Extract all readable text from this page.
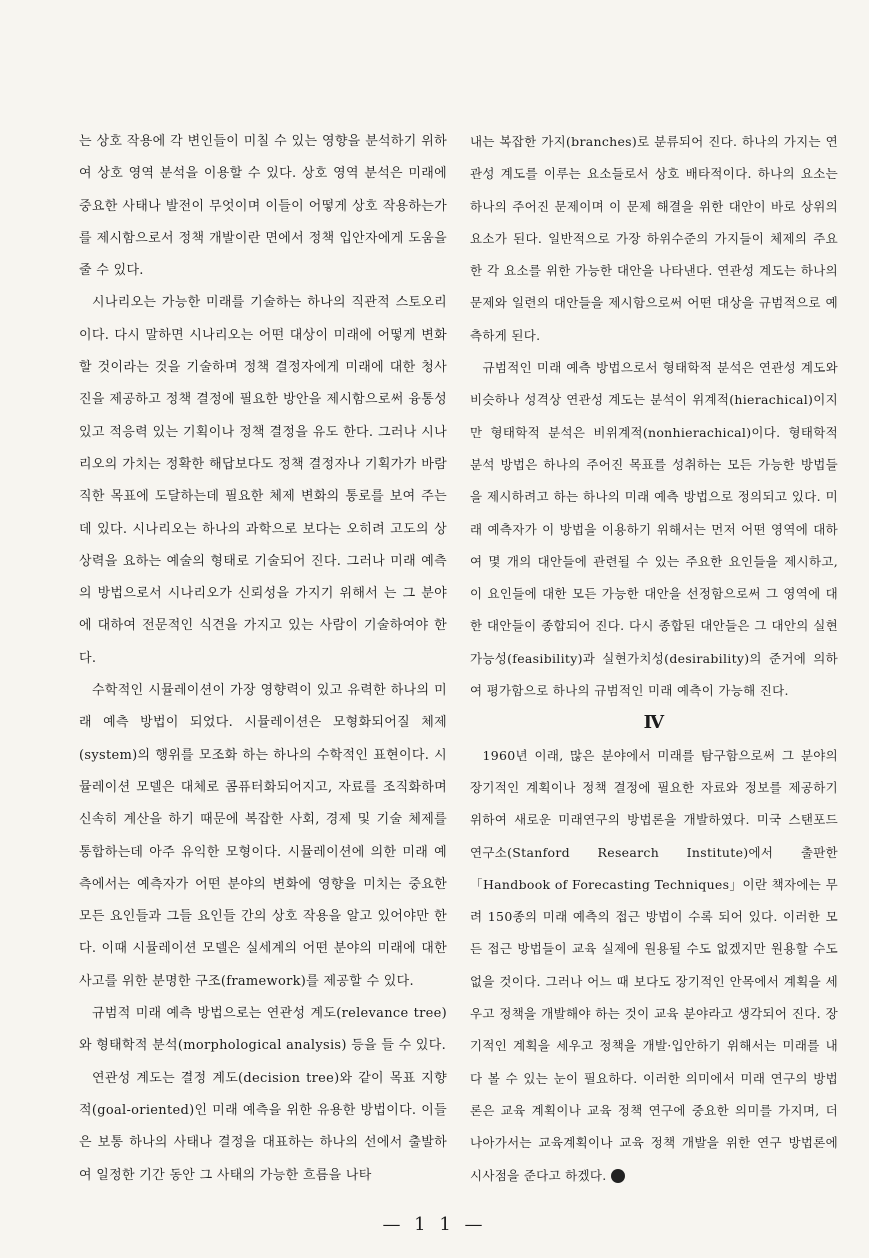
는 상호 작용에 각 변인들이 미칠 수 있는 영향을 분석하기 위하여 상호 영역 분석을 이용할 수 있다. 상호 영역 분석은 미래에 중요한 사태나 발전이 무엇이며 이들이 어떻게 상호 작용하는가를 제시함으로서 정책 개발이란 면에서 정책 입안자에게 도움을 줄 수 있다.

시나리오는 가능한 미래를 기술하는 하나의 직관적 스토오리이다. 다시 말하면 시나리오는 어떤 대상이 미래에 어떻게 변화할 것이라는 것을 기술하며 정책 결정자에게 미래에 대한 청사진을 제공하고 정책 결정에 필요한 방안을 제시함으로써 융통성 있고 적응력 있는 기획이나 정책 결정을 유도 한다. 그러나 시나리오의 가치는 정확한 해답보다도 정책 결정자나 기획가가 바람직한 목표에 도달하는데 필요한 체제 변화의 통로를 보여 주는데 있다. 시나리오는 하나의 과학으로 보다는 오히려 고도의 상상력을 요하는 예술의 형태로 기술되어 진다. 그러나 미래 예측의 방법으로서 시나리오가 신뢰성을 가지기 위해서 는 그 분야에 대하여 전문적인 식견을 가지고 있는 사람이 기술하여야 한다.

수학적인 시뮬레이션이 가장 영향력이 있고 유력한 하나의 미래 예측 방법이 되었다. 시뮬레이션은 모형화되어질 체제(system)의 행위를 모조화 하는 하나의 수학적인 표현이다. 시뮬레이션 모델은 대체로 콤퓨터화되어지고, 자료를 조직화하며 신속히 계산을 하기 때문에 복잡한 사회, 경제 및 기술 체제를 통합하는데 아주 유익한 모형이다. 시뮬레이션에 의한 미래 예측에서는 예측자가 어떤 분야의 변화에 영향을 미치는 중요한 모든 요인들과 그들 요인들 간의 상호 작용을 알고 있어야만 한다. 이때 시뮬레이션 모델은 실세계의 어떤 분야의 미래에 대한 사고를 위한 분명한 구조(framework)를 제공할 수 있다.

규범적 미래 예측 방법으로는 연관성 계도(relevance tree)와 형태학적 분석(morphological analysis) 등을 들 수 있다.

연관성 계도는 결정 계도(decision tree)와 같이 목표 지향적(goal-oriented)인 미래 예측을 위한 유용한 방법이다. 이들은 보통 하나의 사태나 결정을 대표하는 하나의 선에서 출발하여 일정한 기간 동안 그 사태의 가능한 흐름을 나타

내는 복잡한 가지(branches)로 분류되어 진다. 하나의 가지는 연관성 계도를 이루는 요소들로서 상호 배타적이다. 하나의 요소는 하나의 주어진 문제이며 이 문제 해결을 위한 대안이 바로 상위의 요소가 된다. 일반적으로 가장 하위수준의 가지들이 체제의 주요한 각 요소를 위한 가능한 대안을 나타낸다. 연관성 계도는 하나의 문제와 일련의 대안들을 제시함으로써 어떤 대상을 규범적으로 예측하게 된다.

규범적인 미래 예측 방법으로서 형태학적 분석은 연관성 계도와 비슷하나 성격상 연관성 계도는 분석이 위계적(hierachical)이지만 형태학적 분석은 비위계적(nonhierachical)이다. 형태학적 분석 방법은 하나의 주어진 목표를 성취하는 모든 가능한 방법들을 제시하려고 하는 하나의 미래 예측 방법으로 정의되고 있다. 미래 예측자가 이 방법을 이용하기 위해서는 먼저 어떤 영역에 대하여 몇 개의 대안들에 관련될 수 있는 주요한 요인들을 제시하고, 이 요인들에 대한 모든 가능한 대안을 선정함으로써 그 영역에 대한 대안들이 종합되어 진다. 다시 종합된 대안들은 그 대안의 실현 가능성(feasibility)과 실현가치성(desirability)의 준거에 의하여 평가함으로 하나의 규범적인 미래 예측이 가능해 진다.

Ⅳ

1960년 이래, 많은 분야에서 미래를 탐구함으로써 그 분야의 장기적인 계획이나 정책 결정에 필요한 자료와 정보를 제공하기 위하여 새로운 미래연구의 방법론을 개발하였다. 미국 스탠포드 연구소(Stanford Research Institute)에서 출판한 「Handbook of Forecasting Techniques」이란 책자에는 무려 150종의 미래 예측의 접근 방법이 수록 되어 있다. 이러한 모든 접근 방법들이 교육 실제에 원용될 수도 없겠지만 원용할 수도 없을 것이다. 그러나 어느 때 보다도 장기적인 안목에서 계획을 세우고 정책을 개발해야 하는 것이 교육 분야라고 생각되어 진다. 장기적인 계획을 세우고 정책을 개발·입안하기 위해서는 미래를 내다 볼 수 있는 눈이 필요하다. 이러한 의미에서 미래 연구의 방법론은 교육 계획이나 교육 정책 연구에 중요한 의미를 가지며, 더 나아가서는 교육계획이나 교육 정책 개발을 위한 연구 방법론에 시사점을 준다고 하겠다.

— 1 1 —
